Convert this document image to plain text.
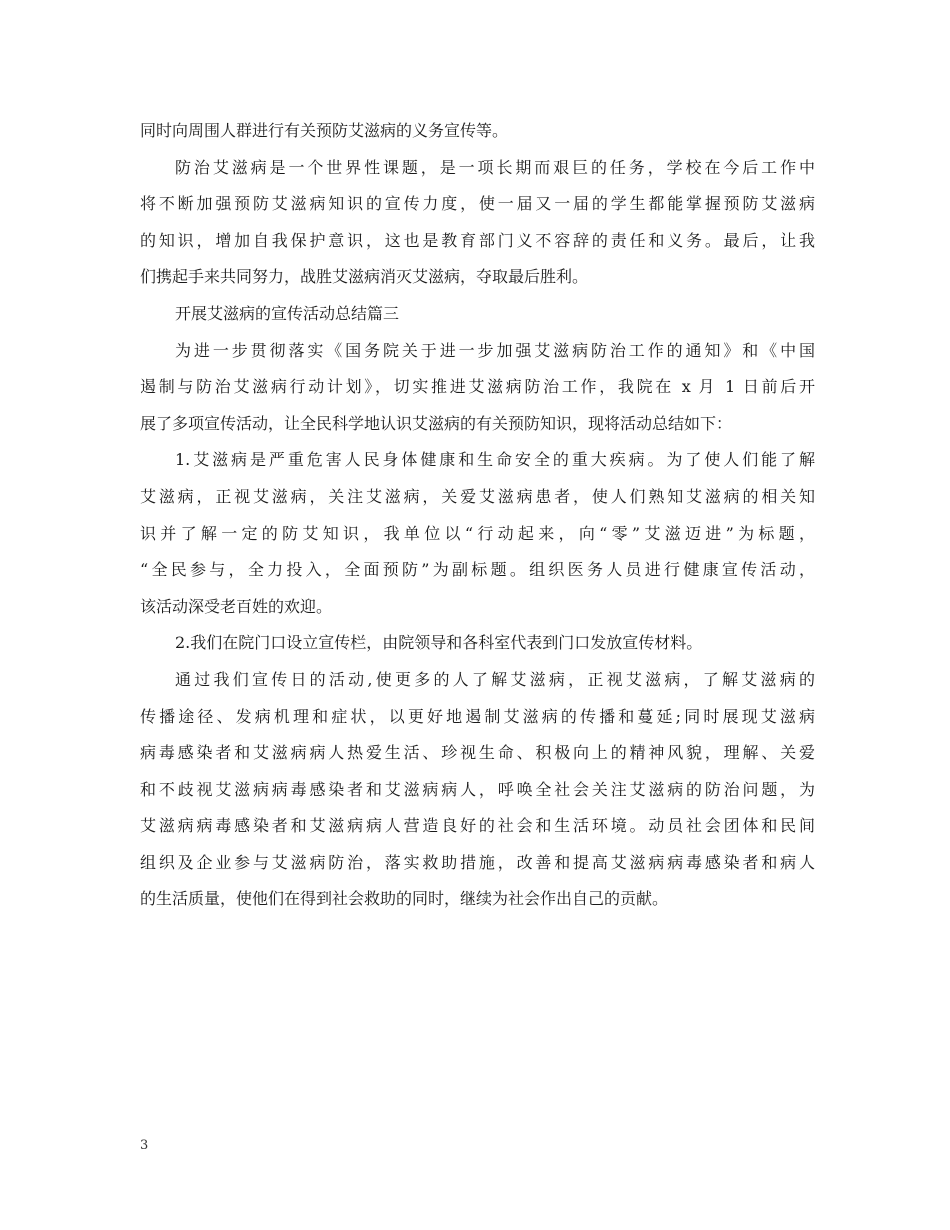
同时向周围人群进行有关预防艾滋病的义务宣传等。
防治艾滋病是一个世界性课题，是一项长期而艰巨的任务，学校在今后工作中
将不断加强预防艾滋病知识的宣传力度，使一届又一届的学生都能掌握预防艾滋病
的知识，增加自我保护意识，这也是教育部门义不容辞的责任和义务。最后，让我
们携起手来共同努力，战胜艾滋病消灭艾滋病，夺取最后胜利。
开展艾滋病的宣传活动总结篇三
为进一步贯彻落实《国务院关于进一步加强艾滋病防治工作的通知》和《中国
遏制与防治艾滋病行动计划》，切实推进艾滋病防治工作，我院在 x 月 1 日前后开
展了多项宣传活动，让全民科学地认识艾滋病的有关预防知识，现将活动总结如下：
1.艾滋病是严重危害人民身体健康和生命安全的重大疾病。为了使人们能了解
艾滋病，正视艾滋病，关注艾滋病，关爱艾滋病患者，使人们熟知艾滋病的相关知
识并了解一定的防艾知识，我单位以“行动起来，向“零”艾滋迈进”为标题，
“全民参与，全力投入，全面预防”为副标题。组织医务人员进行健康宣传活动，
该活动深受老百姓的欢迎。
2.我们在院门口设立宣传栏，由院领导和各科室代表到门口发放宣传材料。
通过我们宣传日的活动,使更多的人了解艾滋病，正视艾滋病，了解艾滋病的
传播途径、发病机理和症状，以更好地遏制艾滋病的传播和蔓延;同时展现艾滋病
病毒感染者和艾滋病病人热爱生活、珍视生命、积极向上的精神风貌，理解、关爱
和不歧视艾滋病病毒感染者和艾滋病病人，呼唤全社会关注艾滋病的防治问题，为
艾滋病病毒感染者和艾滋病病人营造良好的社会和生活环境。动员社会团体和民间
组织及企业参与艾滋病防治，落实救助措施，改善和提高艾滋病病毒感染者和病人
的生活质量，使他们在得到社会救助的同时，继续为社会作出自己的贡献。
3
